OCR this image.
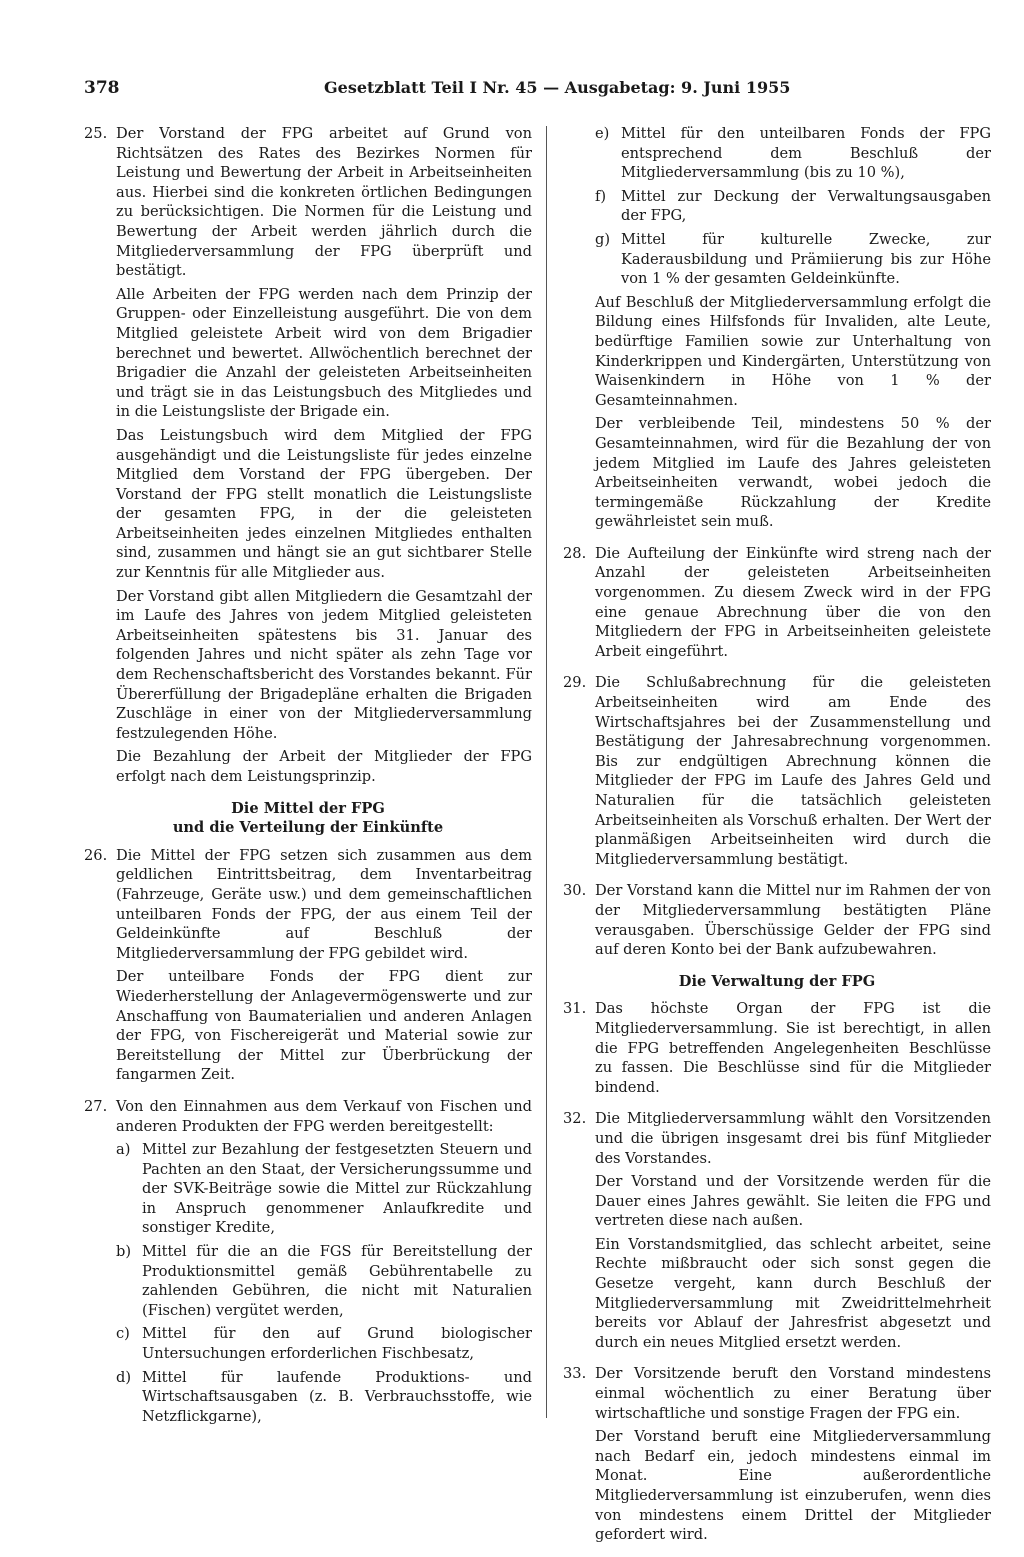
378	Gesetzblatt Teil I Nr. 45 — Ausgabetag: 9. Juni 1955
25. Der Vorstand der FPG arbeitet auf Grund von Richtsätzen des Rates des Bezirkes Normen für Leistung und Bewertung der Arbeit in Arbeitseinheiten aus. Hierbei sind die konkreten örtlichen Bedingungen zu berücksichtigen. Die Normen für die Leistung und Bewertung der Arbeit werden jährlich durch die Mitgliederversammlung der FPG überprüft und bestätigt.

Alle Arbeiten der FPG werden nach dem Prinzip der Gruppen- oder Einzelleistung ausgeführt. Die von dem Mitglied geleistete Arbeit wird von dem Brigadier berechnet und bewertet. Allwöchentlich berechnet der Brigadier die Anzahl der geleisteten Arbeitseinheiten und trägt sie in das Leistungsbuch des Mitgliedes und in die Leistungsliste der Brigade ein.

Das Leistungsbuch wird dem Mitglied der FPG ausgehändigt und die Leistungsliste für jedes einzelne Mitglied dem Vorstand der FPG übergeben. Der Vorstand der FPG stellt monatlich die Leistungsliste der gesamten FPG, in der die geleisteten Arbeitseinheiten jedes einzelnen Mitgliedes enthalten sind, zusammen und hängt sie an gut sichtbarer Stelle zur Kenntnis für alle Mitglieder aus.

Der Vorstand gibt allen Mitgliedern die Gesamtzahl der im Laufe des Jahres von jedem Mitglied geleisteten Arbeitseinheiten spätestens bis 31. Januar des folgenden Jahres und nicht später als zehn Tage vor dem Rechenschaftsbericht des Vorstandes bekannt. Für Übererfüllung der Brigadepläne erhalten die Brigaden Zuschläge in einer von der Mitgliederversammlung festzulegenden Höhe.

Die Bezahlung der Arbeit der Mitglieder der FPG erfolgt nach dem Leistungsprinzip.

Die Mittel der FPG
und die Verteilung der Einkünfte
26. Die Mittel der FPG setzen sich zusammen aus dem geldlichen Eintrittsbeitrag, dem Inventarbeitrag (Fahrzeuge, Geräte usw.) und dem gemeinschaftlichen unteilbaren Fonds der FPG, der aus einem Teil der Geldeinkünfte auf Beschluß der Mitgliederversammlung der FPG gebildet wird.

Der unteilbare Fonds der FPG dient zur Wiederherstellung der Anlagevermögenswerte und zur Anschaffung von Baumaterialien und anderen Anlagen der FPG, von Fischereigerät und Material sowie zur Bereitstellung der Mittel zur Überbrückung der fangarmen Zeit.

27. Von den Einnahmen aus dem Verkauf von Fischen und anderen Produkten der FPG werden bereitgestellt:

a) Mittel zur Bezahlung der festgesetzten Steuern und Pachten an den Staat, der Versicherungssumme und der SVK-Beiträge sowie die Mittel zur Rückzahlung in Anspruch genommener Anlaufkredite und sonstiger Kredite,
b) Mittel für die an die FGS für Bereitstellung der Produktionsmittel gemäß Gebührentabelle zu zahlenden Gebühren, die nicht mit Naturalien (Fischen) vergütet werden,
c) Mittel für den auf Grund biologischer Untersuchungen erforderlichen Fischbesatz,
d) Mittel für laufende Produktions- und Wirtschaftsausgaben (z. B. Verbrauchsstoffe, wie Netzflickgarne),
e) Mittel für den unteilbaren Fonds der FPG entsprechend dem Beschluß der Mitgliederversammlung (bis zu 10 %),
f) Mittel zur Deckung der Verwaltungsausgaben der FPG,
g) Mittel für kulturelle Zwecke, zur Kaderausbildung und Prämiierung bis zur Höhe von 1 % der gesamten Geldeinkünfte.

Auf Beschluß der Mitgliederversammlung erfolgt die Bildung eines Hilfsfonds für Invaliden, alte Leute, bedürftige Familien sowie zur Unterhaltung von Kinderkrippen und Kindergärten, Unterstützung von Waisenkindern in Höhe von 1 % der Gesamteinnahmen.

Der verbleibende Teil, mindestens 50 % der Gesamteinnahmen, wird für die Bezahlung der von jedem Mitglied im Laufe des Jahres geleisteten Arbeitseinheiten verwandt, wobei jedoch die termingemäße Rückzahlung der Kredite gewährleistet sein muß.

28. Die Aufteilung der Einkünfte wird streng nach der Anzahl der geleisteten Arbeitseinheiten vorgenommen. Zu diesem Zweck wird in der FPG eine genaue Abrechnung über die von den Mitgliedern der FPG in Arbeitseinheiten geleistete Arbeit eingeführt.

29. Die Schlußabrechnung für die geleisteten Arbeitseinheiten wird am Ende des Wirtschaftsjahres bei der Zusammenstellung und Bestätigung der Jahresabrechnung vorgenommen. Bis zur endgültigen Abrechnung können die Mitglieder der FPG im Laufe des Jahres Geld und Naturalien für die tatsächlich geleisteten Arbeitseinheiten als Vorschuß erhalten. Der Wert der planmäßigen Arbeitseinheiten wird durch die Mitgliederversammlung bestätigt.

30. Der Vorstand kann die Mittel nur im Rahmen der von der Mitgliederversammlung bestätigten Pläne verausgaben. Überschüssige Gelder der FPG sind auf deren Konto bei der Bank aufzubewahren.

Die Verwaltung der FPG
31. Das höchste Organ der FPG ist die Mitgliederversammlung. Sie ist berechtigt, in allen die FPG betreffenden Angelegenheiten Beschlüsse zu fassen. Die Beschlüsse sind für die Mitglieder bindend.

32. Die Mitgliederversammlung wählt den Vorsitzenden und die übrigen insgesamt drei bis fünf Mitglieder des Vorstandes.

Der Vorstand und der Vorsitzende werden für die Dauer eines Jahres gewählt. Sie leiten die FPG und vertreten diese nach außen.

Ein Vorstandsmitglied, das schlecht arbeitet, seine Rechte mißbraucht oder sich sonst gegen die Gesetze vergeht, kann durch Beschluß der Mitgliederversammlung mit Zweidrittelmehrheit bereits vor Ablauf der Jahresfrist abgesetzt und durch ein neues Mitglied ersetzt werden.

33. Der Vorsitzende beruft den Vorstand mindestens einmal wöchentlich zu einer Beratung über wirtschaftliche und sonstige Fragen der FPG ein.

Der Vorstand beruft eine Mitgliederversammlung nach Bedarf ein, jedoch mindestens einmal im Monat. Eine außerordentliche Mitgliederversammlung ist einzuberufen, wenn dies von mindestens einem Drittel der Mitglieder gefordert wird.
